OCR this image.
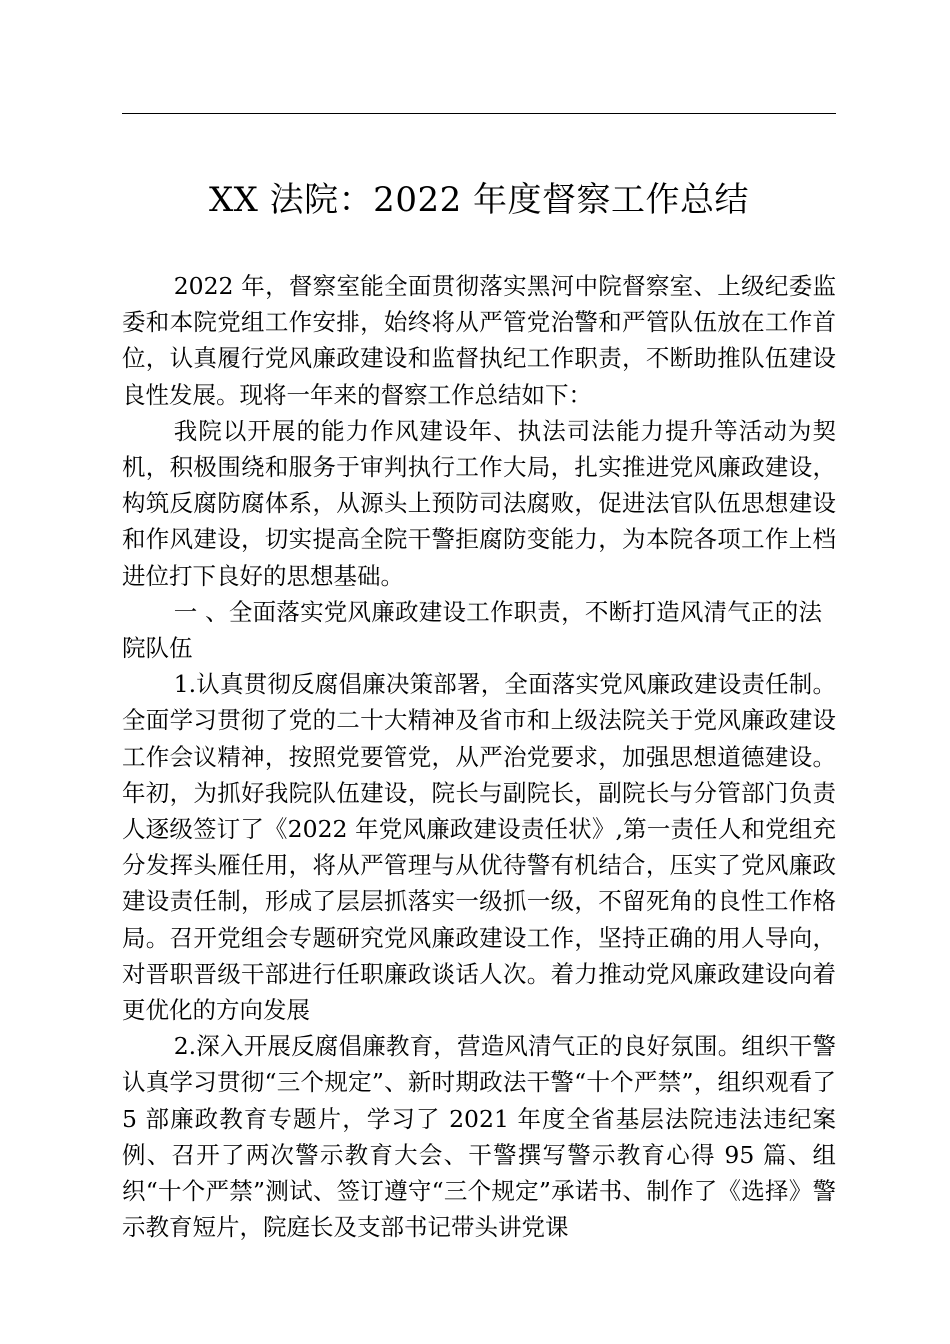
XX 法院：2022 年度督察工作总结

2022 年，督察室能全面贯彻落实黑河中院督察室、上级纪委监委和本院党组工作安排，始终将从严管党治警和严管队伍放在工作首位，认真履行党风廉政建设和监督执纪工作职责，不断助推队伍建设良性发展。现将一年来的督察工作总结如下：

我院以开展的能力作风建设年、执法司法能力提升等活动为契机，积极围绕和服务于审判执行工作大局，扎实推进党风廉政建设，构筑反腐防腐体系，从源头上预防司法腐败，促进法官队伍思想建设和作风建设，切实提高全院干警拒腐防变能力，为本院各项工作上档进位打下良好的思想基础。

一 、全面落实党风廉政建设工作职责，不断打造风清气正的法院队伍

1.认真贯彻反腐倡廉决策部署，全面落实党风廉政建设责任制。全面学习贯彻了党的二十大精神及省市和上级法院关于党风廉政建设工作会议精神，按照党要管党，从严治党要求，加强思想道德建设。年初，为抓好我院队伍建设，院长与副院长，副院长与分管部门负责人逐级签订了《2022 年党风廉政建设责任状》,第一责任人和党组充分发挥头雁任用，将从严管理与从优待警有机结合，压实了党风廉政建设责任制，形成了层层抓落实一级抓一级，不留死角的良性工作格局。召开党组会专题研究党风廉政建设工作，坚持正确的用人导向，对晋职晋级干部进行任职廉政谈话人次。着力推动党风廉政建设向着更优化的方向发展

2.深入开展反腐倡廉教育，营造风清气正的良好氛围。组织干警认真学习贯彻“三个规定”、新时期政法干警“十个严禁”，组织观看了 5 部廉政教育专题片，学习了 2021 年度全省基层法院违法违纪案例、召开了两次警示教育大会、干警撰写警示教育心得 95 篇、组织“十个严禁”测试、签订遵守“三个规定”承诺书、制作了《选择》警示教育短片，院庭长及支部书记带头讲党课
